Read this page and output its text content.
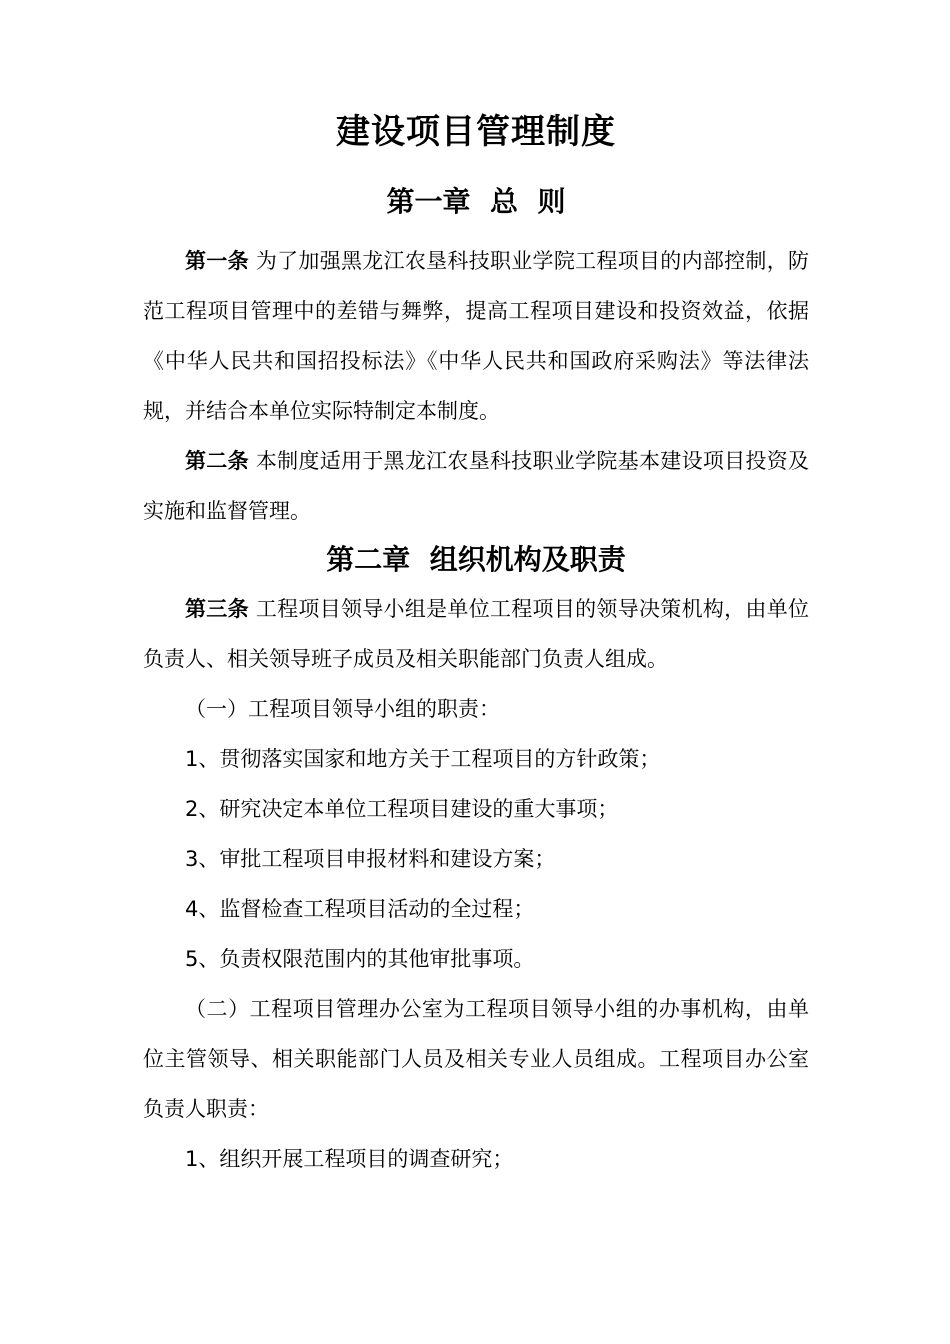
建设项目管理制度
第一章  总  则

第一条 为了加强黑龙江农垦科技职业学院工程项目的内部控制，防范工程项目管理中的差错与舞弊，提高工程项目建设和投资效益，依据《中华人民共和国招投标法》《中华人民共和国政府采购法》等法律法规，并结合本单位实际特制定本制度。

第二条 本制度适用于黑龙江农垦科技职业学院基本建设项目投资及实施和监督管理。

第二章  组织机构及职责

第三条 工程项目领导小组是单位工程项目的领导决策机构，由单位负责人、相关领导班子成员及相关职能部门负责人组成。

（一）工程项目领导小组的职责：

1、贯彻落实国家和地方关于工程项目的方针政策；

2、研究决定本单位工程项目建设的重大事项；

3、审批工程项目申报材料和建设方案；

4、监督检查工程项目活动的全过程；

5、负责权限范围内的其他审批事项。

（二）工程项目管理办公室为工程项目领导小组的办事机构，由单位主管领导、相关职能部门人员及相关专业人员组成。工程项目办公室负责人职责：

1、组织开展工程项目的调查研究；
